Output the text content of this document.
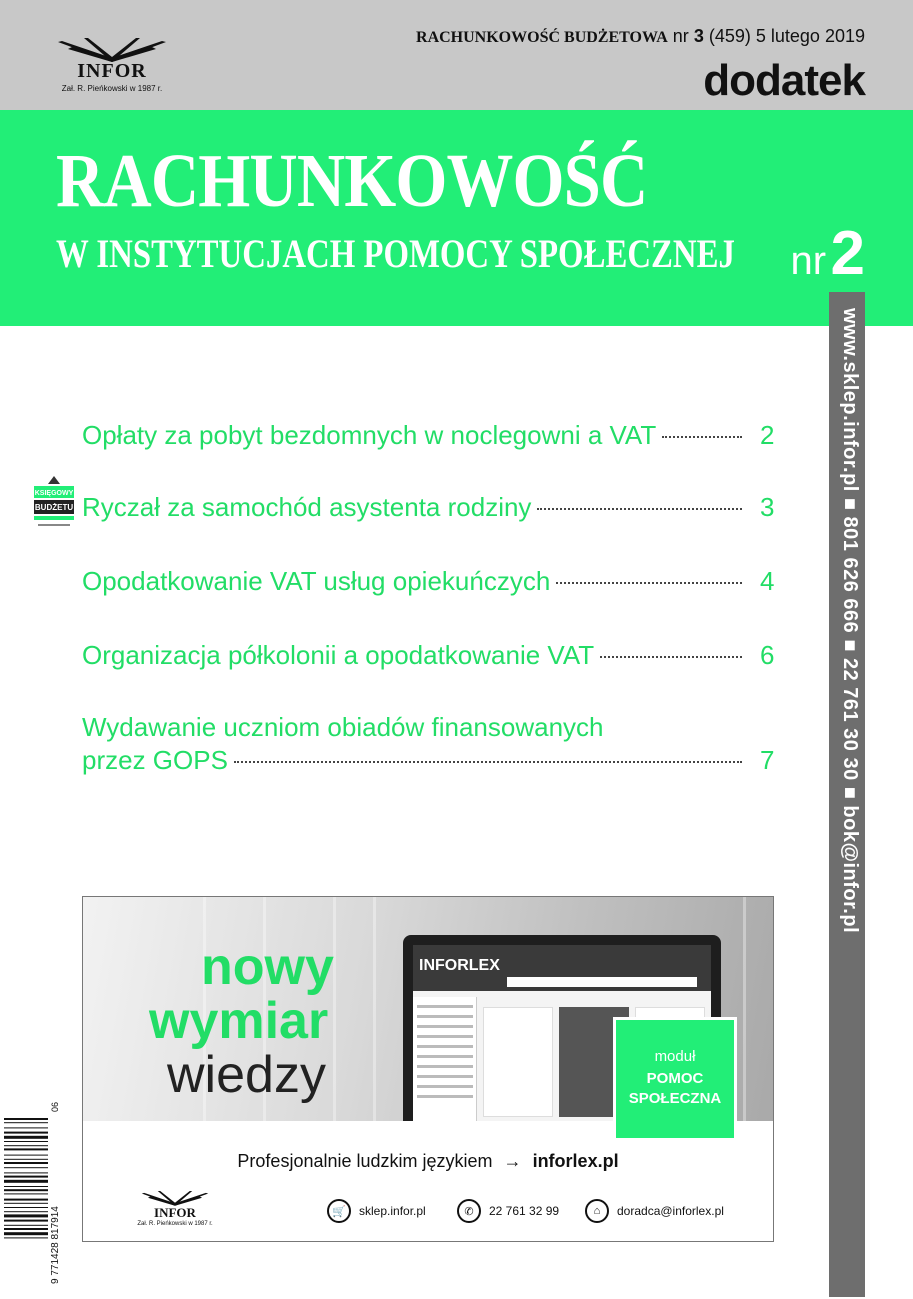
INFOR
Zał. R. Pieńkowski w 1987 r.
RACHUNKOWOŚĆ BUDŻETOWA nr 3 (459) 5 lutego 2019
dodatek
RACHUNKOWOŚĆ
W INSTYTUCJACH POMOCY SPOŁECZNEJ nr 2
www.sklep.infor.pl ■ 801 626 666 ■ 22 761 30 30 ■ bok@infor.pl
KSIĘGOWY
BUDŻETU
Opłaty za pobyt bezdomnych w noclegowni a VAT	2
Ryczał za samochód asystenta rodziny	3
Opodatkowanie VAT usług opiekuńczych	4
Organizacja półkolonii a opodatkowanie VAT	6
Wydawanie uczniom obiadów finansowanych
przez GOPS	7
9 771428 817914
06
nowy
wymiar
wiedzy
INFORLEX
moduł
POMOC
SPOŁECZNA
Profesjonalnie ludzkim językiem → inforlex.pl
INFOR
Zał. R. Pieńkowski w 1987 r.
🛒	sklep.infor.pl	✆	22 761 32 99	⌂	doradca@inforlex.pl
